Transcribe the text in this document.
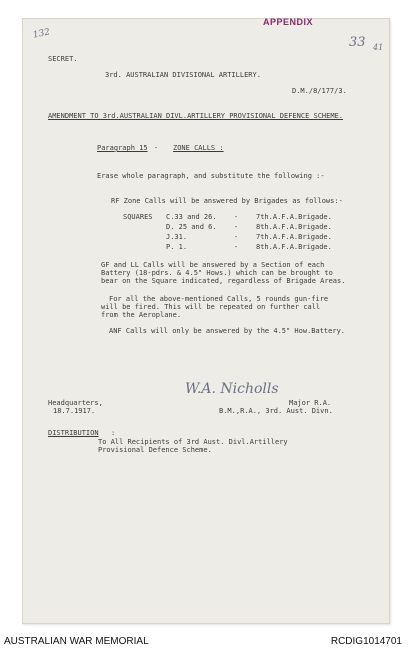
APPENDIX
132
33 41
SECRET.
3rd. AUSTRALIAN DIVISIONAL ARTILLERY.
D.M./8/177/3.
AMENDMENT TO 3rd.AUSTRALIAN DIVL.ARTILLERY PROVISIONAL DEFENCE SCHEME.
Paragraph 15 - ZONE CALLS :
Erase whole paragraph, and substitute the following :-
RF Zone Calls will be answered by Brigades as follows:-
SQUARES C.33 and 26. -	7th.A.F.A.Brigade.
D. 25 and 6. -	8th.A.F.A.Brigade.
J.31.	-	7th.A.F.A.Brigade.
P. 1.	-	8th.A.F.A.Brigade.
GF and LL Calls will be answered by a Section of each
Battery (18-pdrs. & 4.5" Hows.) which can be brought to
bear on the Square indicated, regardless of Brigade Areas.
For all the above-mentioned Calls, 5 rounds gun-fire
will be fired. This will be repeated on further call
from the Aeroplane.
ANF Calls will only be answered by the 4.5" How.Battery.
W.A. Nicholls
Headquarters,
18.7.1917.
Major R.A.
B.M.,R.A., 3rd. Aust. Divn.
DISTRIBUTION :
To All Recipients of 3rd Aust. Divl.Artillery
Provisional Defence Scheme.
AUSTRALIAN WAR MEMORIAL	RCDIG1014701
